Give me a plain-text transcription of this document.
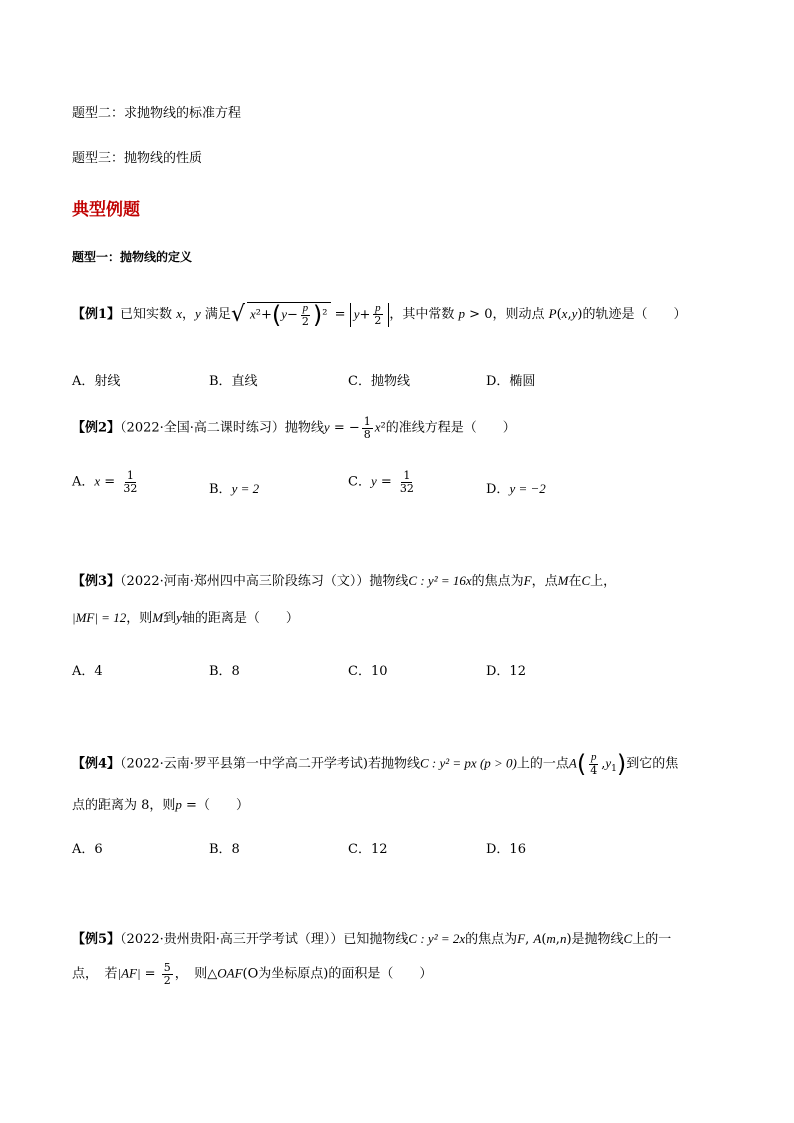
题型二：求抛物线的标准方程
题型三：抛物线的性质
典型例题
题型一：抛物线的定义
【例1】已知实数 x，y 满足√ $x^2+(y- \frac{p}{2} )^2 = y+ \frac{p}{2}$ ，其中常数 p > 0，则动点 P(x,y)的轨迹是（　　）
A．射线	B．直线	C．抛物线	D．椭圆
【例2】（2022·全国·高二课时练习）抛物线y = − $\frac{1}{8} x^2$的准线方程是（　　）
A．$x = \frac{1}{32}$	B．y = 2	C．$y = \frac{1}{32}$	D．y = −2
【例3】（2022·河南·郑州四中高三阶段练习（文））抛物线C : y² = 16x的焦点为F，点M在C上，
|MF| = 12，则M到y轴的距离是（　　）
A．4	B．8	C．10	D．12
【例4】（2022·云南·罗平县第一中学高二开学考试)若抛物线C : y² = px (p > 0)上的一点$A( \frac{p}{4} ,y_1)$到它的焦
点的距离为 8，则p =（　　）
A．6	B．8	C．12	D．16
【例5】（2022·贵州贵阳·高三开学考试（理））已知抛物线C : y² = 2x的焦点为F, A(m,n)是抛物线C上的一
点，　若$|AF| = \frac{5}{2}$ ，　则△OAF(O为坐标原点)的面积是（　　）
